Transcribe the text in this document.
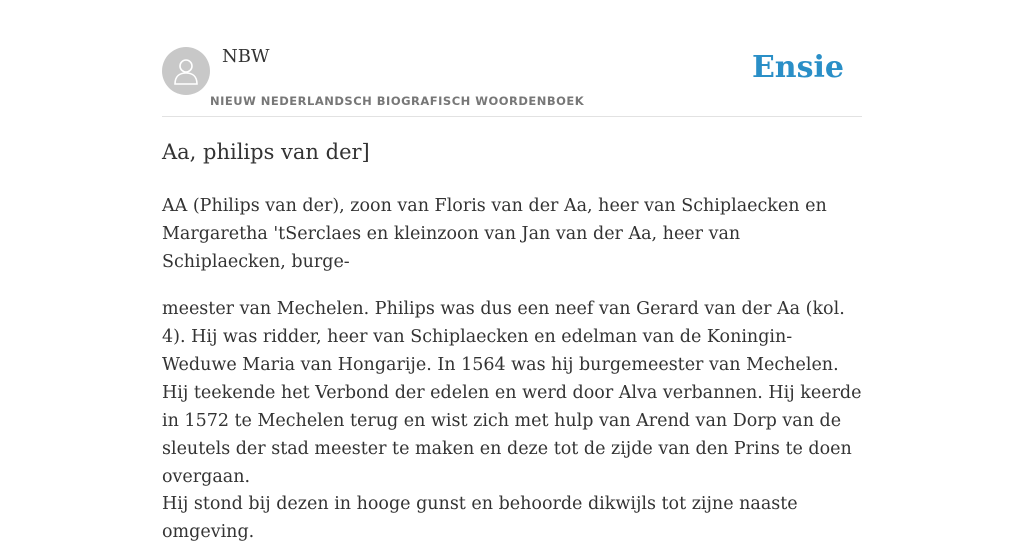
NBW
NIEUW NEDERLANDSCH BIOGRAFISCH WOORDENBOEK
Ensie
Aa, philips van der]

AA (Philips van der), zoon van Floris van der Aa, heer van Schiplaecken en Margaretha 'tSerclaes en kleinzoon van Jan van der Aa, heer van Schiplaecken, burge-

meester van Mechelen. Philips was dus een neef van Gerard van der Aa (kol. 4). Hij was ridder, heer van Schiplaecken en edelman van de Koningin-Weduwe Maria van Hongarije. In 1564 was hij burgemeester van Mechelen. Hij teekende het Verbond der edelen en werd door Alva verbannen. Hij keerde in 1572 te Mechelen terug en wist zich met hulp van Arend van Dorp van de sleutels der stad meester te maken en deze tot de zijde van den Prins te doen overgaan.

Hij stond bij dezen in hooge gunst en behoorde dikwijls tot zijne naaste omgeving.
